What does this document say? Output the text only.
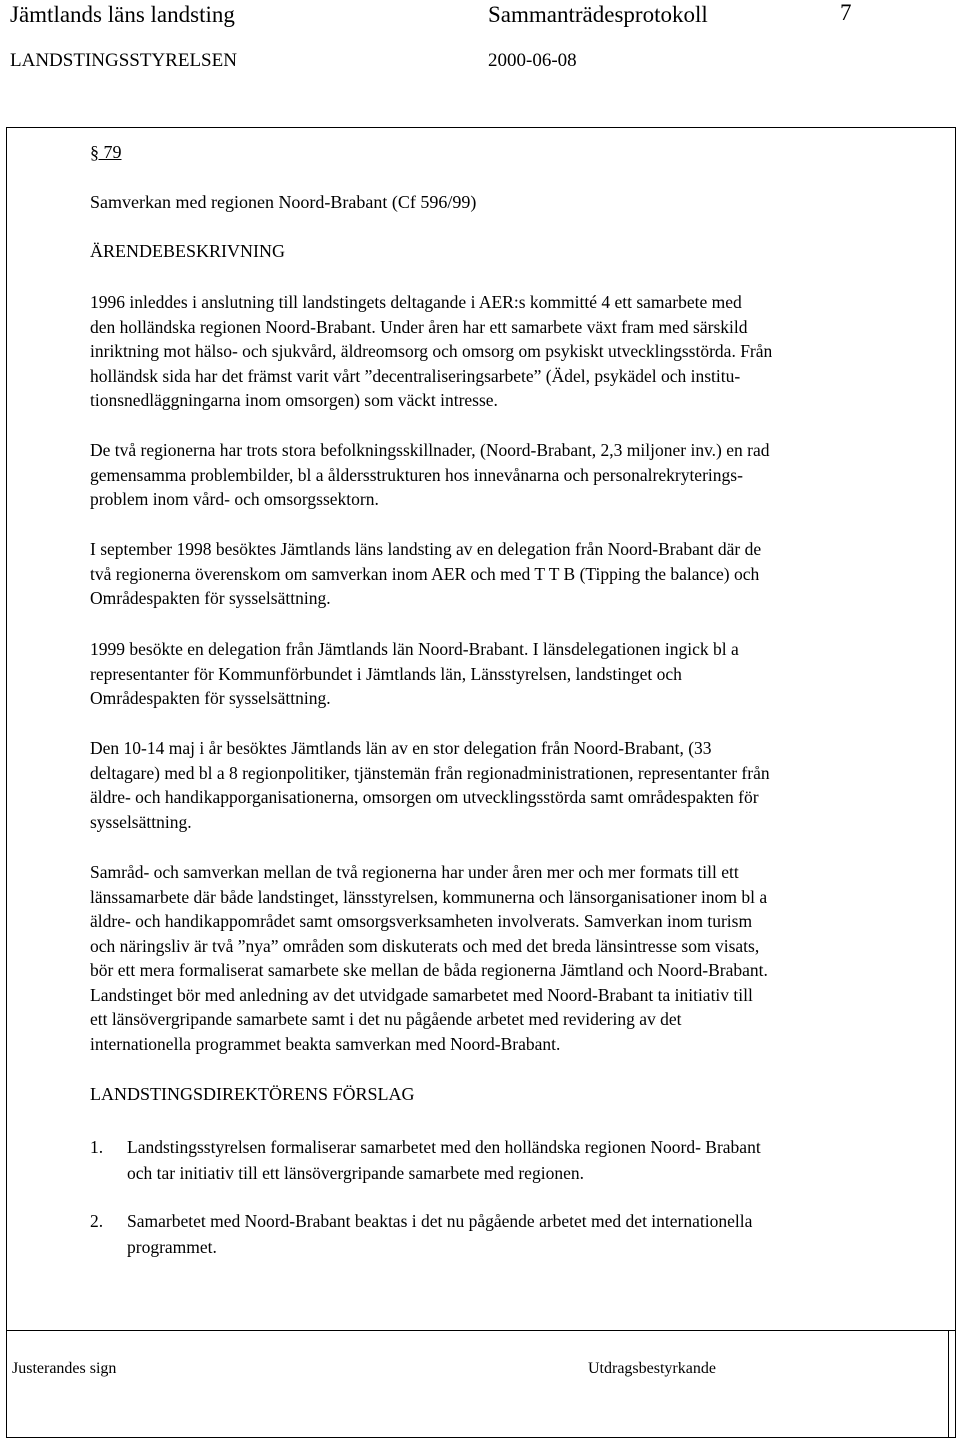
Jämtlands läns landsting	Sammanträdesprotokoll	7
LANDSTINGSSTYRELSEN	2000-06-08
§ 79
Samverkan med regionen Noord-Brabant (Cf 596/99)
ÄRENDEBESKRIVNING
1996 inleddes i anslutning till landstingets deltagande i AER:s kommitté 4 ett samarbete med
den holländska regionen Noord-Brabant. Under åren har ett samarbete växt fram med särskild
inriktning mot hälso- och sjukvård, äldreomsorg och omsorg om psykiskt utvecklingsstörda. Från
holländsk sida har det främst varit vårt ”decentraliseringsarbete” (Ädel, psykädel och institu-
tionsnedläggningarna inom omsorgen) som väckt intresse.
De två regionerna har trots stora befolkningsskillnader, (Noord-Brabant, 2,3 miljoner inv.) en rad
gemensamma problembilder, bl a åldersstrukturen hos innevånarna och personalrekryterings-
problem inom vård- och omsorgssektorn.
I september 1998 besöktes Jämtlands läns landsting av en delegation från Noord-Brabant där de
två regionerna överenskom om samverkan inom AER och med T T B (Tipping the balance) och
Områdespakten för sysselsättning.
1999 besökte en delegation från Jämtlands län Noord-Brabant. I länsdelegationen ingick bl a
representanter för Kommunförbundet i Jämtlands län, Länsstyrelsen, landstinget och
Områdespakten för sysselsättning.
Den 10-14 maj i år besöktes Jämtlands län av en stor delegation från Noord-Brabant, (33
deltagare) med bl a 8 regionpolitiker, tjänstemän från regionadministrationen, representanter från
äldre- och handikapporganisationerna, omsorgen om utvecklingsstörda samt områdespakten för
sysselsättning.
Samråd- och samverkan mellan de två regionerna har under åren mer och mer formats till ett
länssamarbete där både landstinget, länsstyrelsen, kommunerna och länsorganisationer inom bl a
äldre- och handikappområdet samt omsorgsverksamheten involverats. Samverkan inom turism
och näringsliv är två ”nya” områden som diskuterats och med det breda länsintresse som visats,
bör ett mera formaliserat samarbete ske mellan de båda regionerna Jämtland och Noord-Brabant.
Landstinget bör med anledning av det utvidgade samarbetet med Noord-Brabant ta initiativ till
ett länsövergripande samarbete samt i det nu pågående arbetet med revidering av det
internationella programmet beakta samverkan med Noord-Brabant.
LANDSTINGSDIREKTÖRENS FÖRSLAG
1. Landstingsstyrelsen formaliserar samarbetet med den holländska regionen Noord- Brabant
och tar initiativ till ett länsövergripande samarbete med regionen.
2. Samarbetet med Noord-Brabant beaktas i det nu pågående arbetet med det internationella
programmet.
Justerandes sign	Utdragsbestyrkande
